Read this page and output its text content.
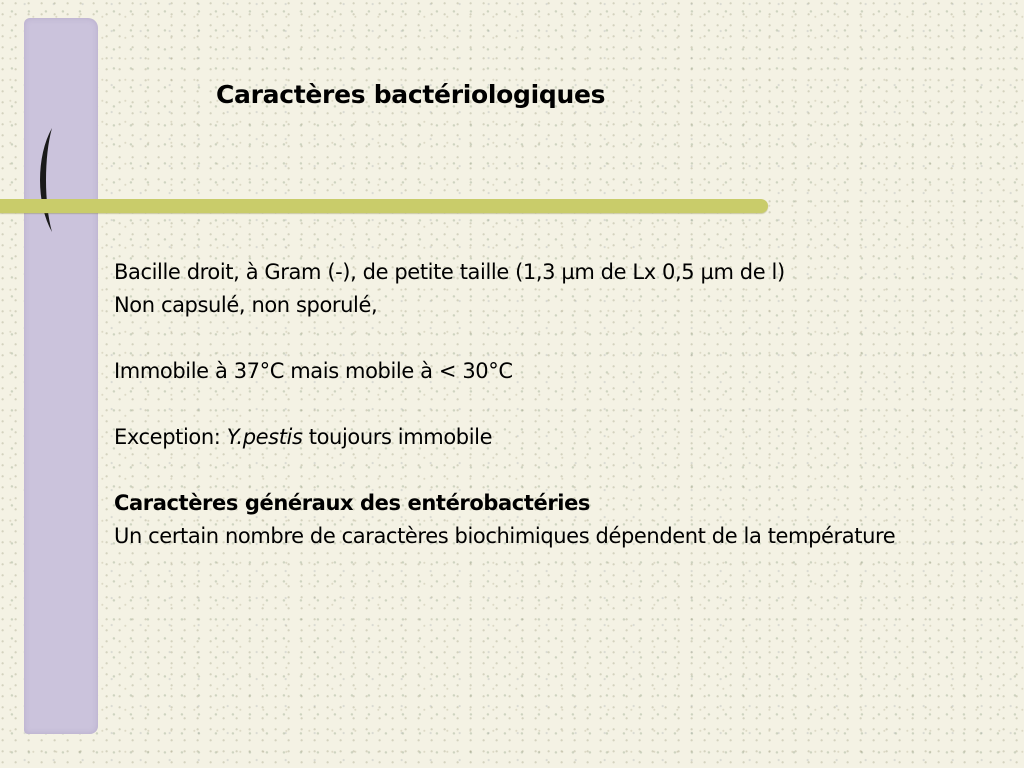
Caractères bactériologiques

Bacille droit, à Gram (-), de petite taille (1,3 µm de Lx 0,5 µm de l)

Non capsulé, non sporulé,

Immobile à 37°C mais mobile à < 30°C

Exception: Y.pestis toujours immobile

Caractères généraux des entérobactéries

Un certain nombre de caractères biochimiques dépendent de la température
